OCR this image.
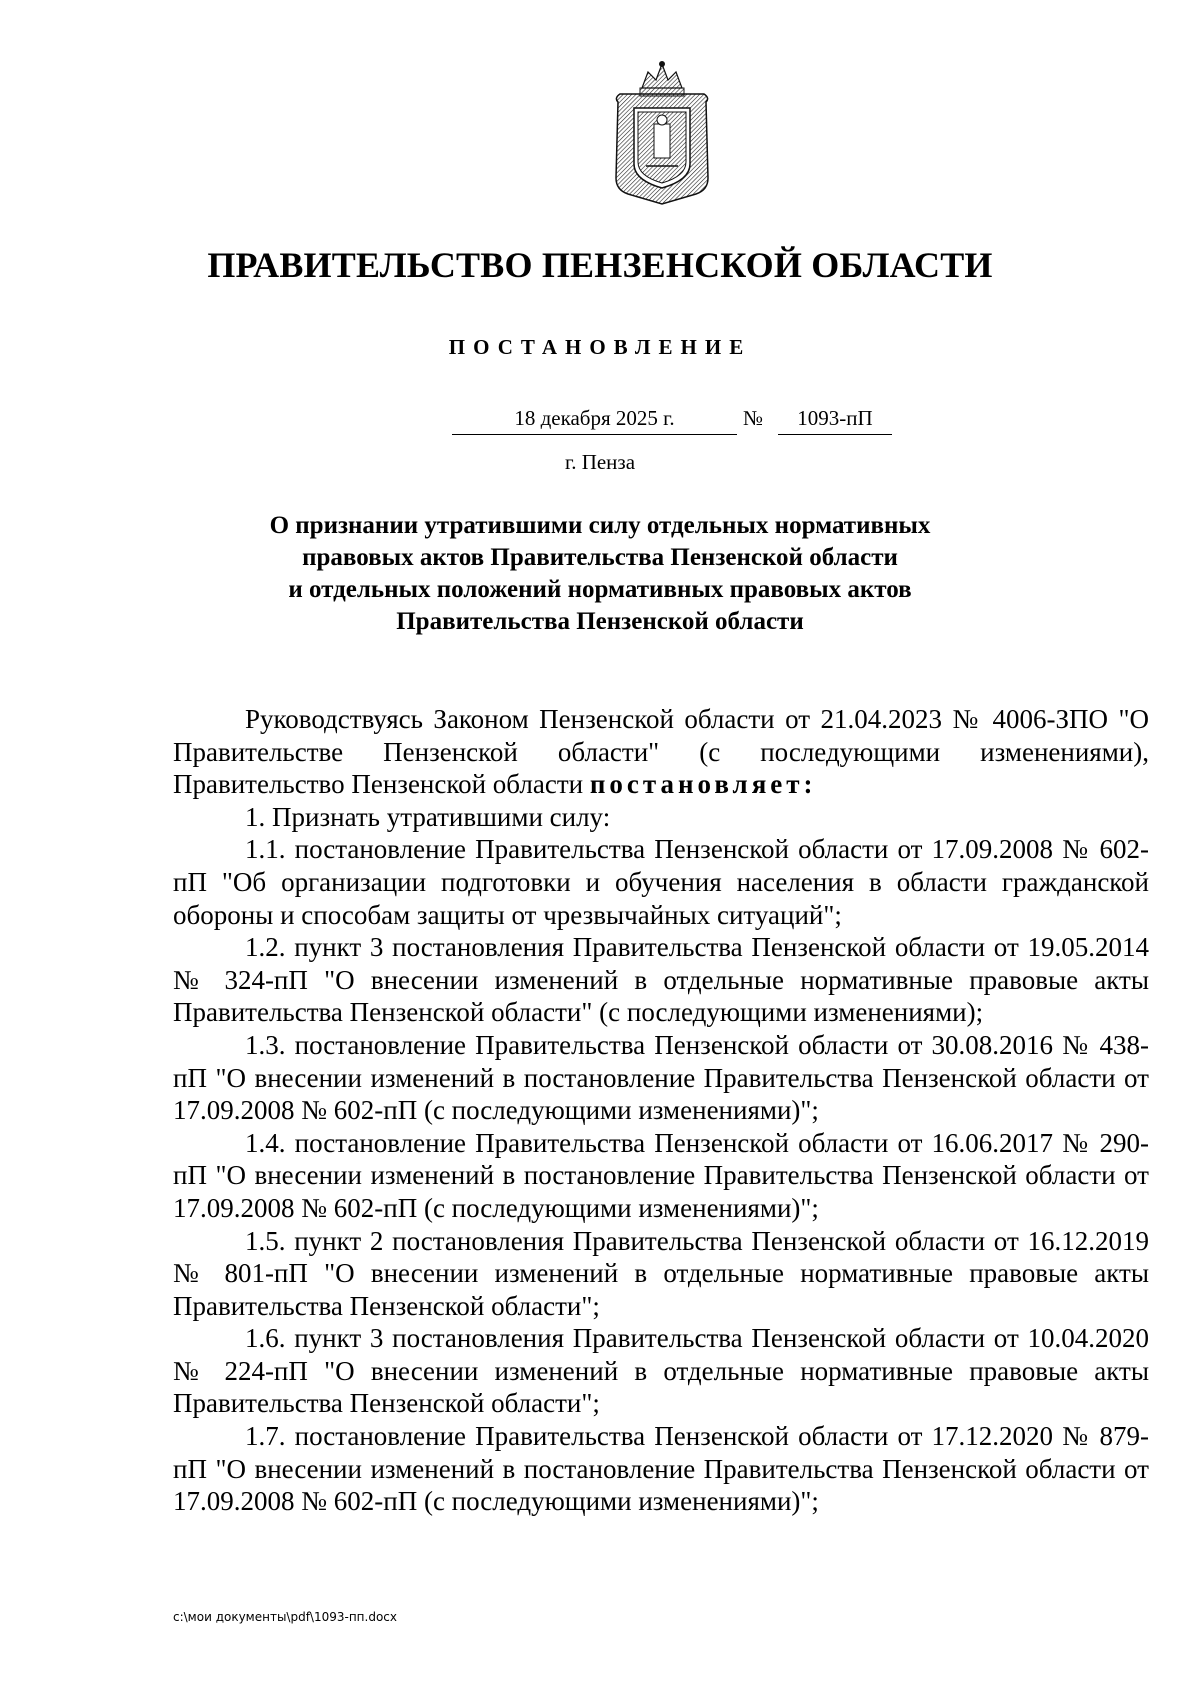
ПРАВИТЕЛЬСТВО ПЕНЗЕНСКОЙ ОБЛАСТИ
ПОСТАНОВЛЕНИЕ
18 декабря 2025 г.	№	1093-пП
г. Пенза
О признании утратившими силу отдельных нормативных
правовых актов Правительства Пензенской области
и отдельных положений нормативных правовых актов
Правительства Пензенской области

Руководствуясь Законом Пензенской области от 21.04.2023 № 4006-ЗПО "О Правительстве Пензенской области" (с последующими изменениями), Правительство Пензенской области постановляет:

1. Признать утратившими силу:

1.1. постановление Правительства Пензенской области от 17.09.2008 № 602-пП "Об организации подготовки и обучения населения в области гражданской обороны и способам защиты от чрезвычайных ситуаций";

1.2. пункт 3 постановления Правительства Пензенской области от 19.05.2014 № 324-пП "О внесении изменений в отдельные нормативные правовые акты Правительства Пензенской области" (с последующими изменениями);

1.3. постановление Правительства Пензенской области от 30.08.2016 № 438-пП "О внесении изменений в постановление Правительства Пензенской области от 17.09.2008 № 602-пП (с последующими изменениями)";

1.4. постановление Правительства Пензенской области от 16.06.2017 № 290-пП "О внесении изменений в постановление Правительства Пензенской области от 17.09.2008 № 602-пП (с последующими изменениями)";

1.5. пункт 2 постановления Правительства Пензенской области от 16.12.2019 № 801-пП "О внесении изменений в отдельные нормативные правовые акты Правительства Пензенской области";

1.6. пункт 3 постановления Правительства Пензенской области от 10.04.2020 № 224-пП "О внесении изменений в отдельные нормативные правовые акты Правительства Пензенской области";

1.7. постановление Правительства Пензенской области от 17.12.2020 № 879-пП "О внесении изменений в постановление Правительства Пензенской области от 17.09.2008 № 602-пП (с последующими изменениями)";

c:\мои документы\pdf\1093-пп.docx
